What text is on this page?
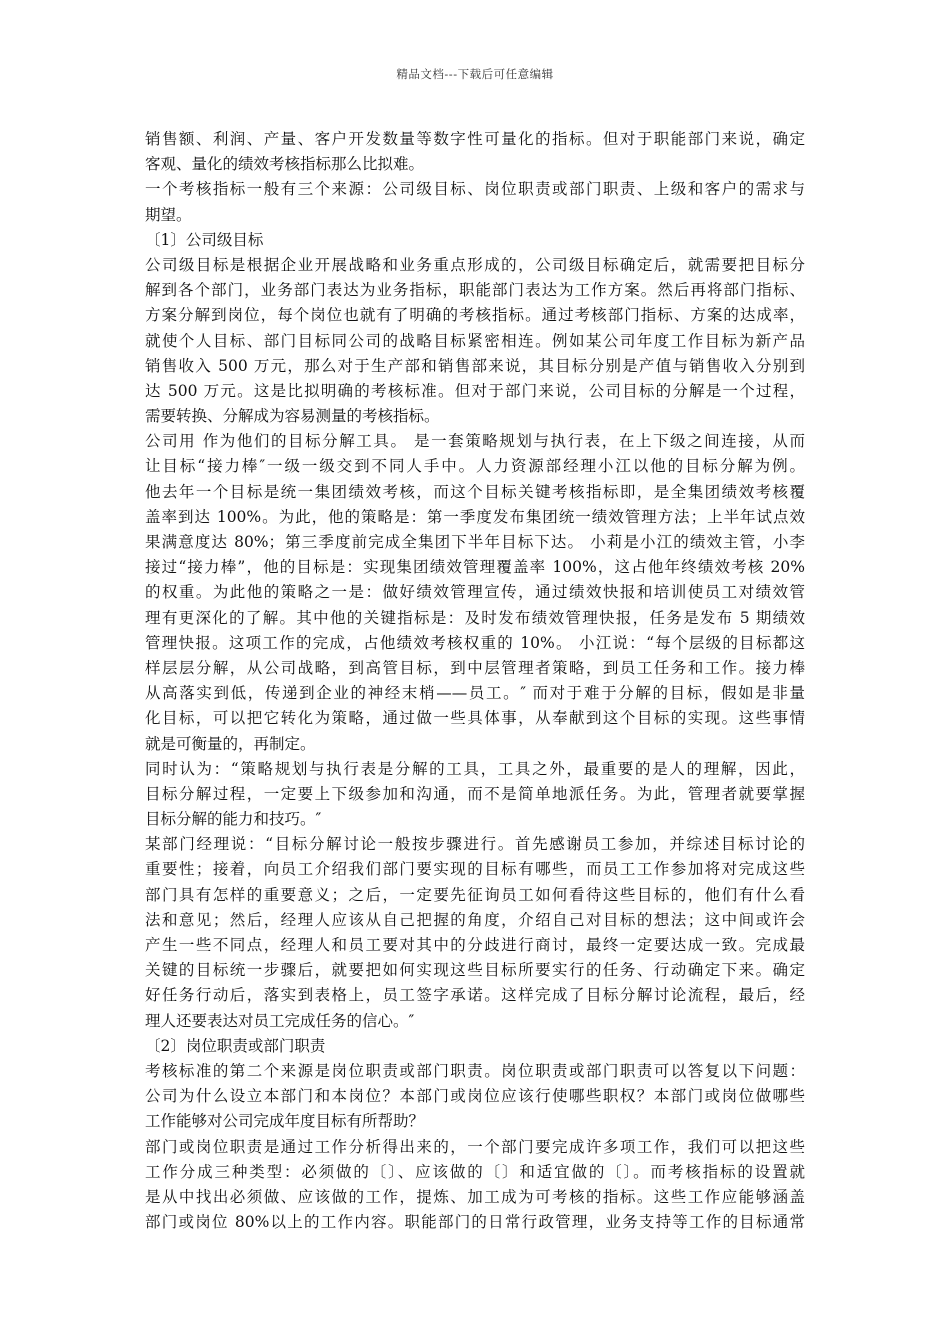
精品文档---下载后可任意编辑
销售额、利润、产量、客户开发数量等数字性可量化的指标。但对于职能部门来说，确定
客观、量化的绩效考核指标那么比拟难。
一个考核指标一般有三个来源：公司级目标、岗位职责或部门职责、上级和客户的需求与
期望。
〔1〕公司级目标
公司级目标是根据企业开展战略和业务重点形成的，公司级目标确定后，就需要把目标分
解到各个部门，业务部门表达为业务指标，职能部门表达为工作方案。然后再将部门指标、
方案分解到岗位，每个岗位也就有了明确的考核指标。通过考核部门指标、方案的达成率，
就使个人目标、部门目标同公司的战略目标紧密相连。例如某公司年度工作目标为新产品
销售收入 500 万元，那么对于生产部和销售部来说，其目标分别是产值与销售收入分别到
达 500 万元。这是比拟明确的考核标准。但对于部门来说，公司目标的分解是一个过程，
需要转换、分解成为容易测量的考核指标。
公司用 作为他们的目标分解工具。 是一套策略规划与执行表，在上下级之间连接，从而
让目标“接力棒″一级一级交到不同人手中。人力资源部经理小江以他的目标分解为例。
他去年一个目标是统一集团绩效考核，而这个目标关键考核指标即，是全集团绩效考核覆
盖率到达 100%。为此，他的策略是：第一季度发布集团统一绩效管理方法；上半年试点效
果满意度达 80%；第三季度前完成全集团下半年目标下达。 小莉是小江的绩效主管，小李
接过“接力棒”，他的目标是：实现集团绩效管理覆盖率 100%，这占他年终绩效考核 20%
的权重。为此他的策略之一是：做好绩效管理宣传，通过绩效快报和培训使员工对绩效管
理有更深化的了解。其中他的关键指标是：及时发布绩效管理快报，任务是发布 5 期绩效
管理快报。这项工作的完成，占他绩效考核权重的 10%。 小江说：“每个层级的目标都这
样层层分解，从公司战略，到高管目标，到中层管理者策略，到员工任务和工作。接力棒
从高落实到低，传递到企业的神经末梢——员工。″ 而对于难于分解的目标，假如是非量
化目标，可以把它转化为策略，通过做一些具体事，从奉献到这个目标的实现。这些事情
就是可衡量的，再制定。
同时认为：“策略规划与执行表是分解的工具，工具之外，最重要的是人的理解，因此，
目标分解过程，一定要上下级参加和沟通，而不是简单地派任务。为此，管理者就要掌握
目标分解的能力和技巧。″
某部门经理说：“目标分解讨论一般按步骤进行。首先感谢员工参加，并综述目标讨论的
重要性；接着，向员工介绍我们部门要实现的目标有哪些，而员工工作参加将对完成这些
部门具有怎样的重要意义；之后，一定要先征询员工如何看待这些目标的，他们有什么看
法和意见；然后，经理人应该从自己把握的角度，介绍自己对目标的想法；这中间或许会
产生一些不同点，经理人和员工要对其中的分歧进行商讨，最终一定要达成一致。完成最
关键的目标统一步骤后，就要把如何实现这些目标所要实行的任务、行动确定下来。确定
好任务行动后，落实到表格上，员工签字承诺。这样完成了目标分解讨论流程，最后，经
理人还要表达对员工完成任务的信心。″
〔2〕岗位职责或部门职责
考核标准的第二个来源是岗位职责或部门职责。岗位职责或部门职责可以答复以下问题：
公司为什么设立本部门和本岗位？本部门或岗位应该行使哪些职权？本部门或岗位做哪些
工作能够对公司完成年度目标有所帮助？
部门或岗位职责是通过工作分析得出来的，一个部门要完成许多项工作，我们可以把这些
工作分成三种类型：必须做的〔〕、应该做的〔〕和适宜做的〔〕。而考核指标的设置就
是从中找出必须做、应该做的工作，提炼、加工成为可考核的指标。这些工作应能够涵盖
部门或岗位 80%以上的工作内容。职能部门的日常行政管理，业务支持等工作的目标通常
